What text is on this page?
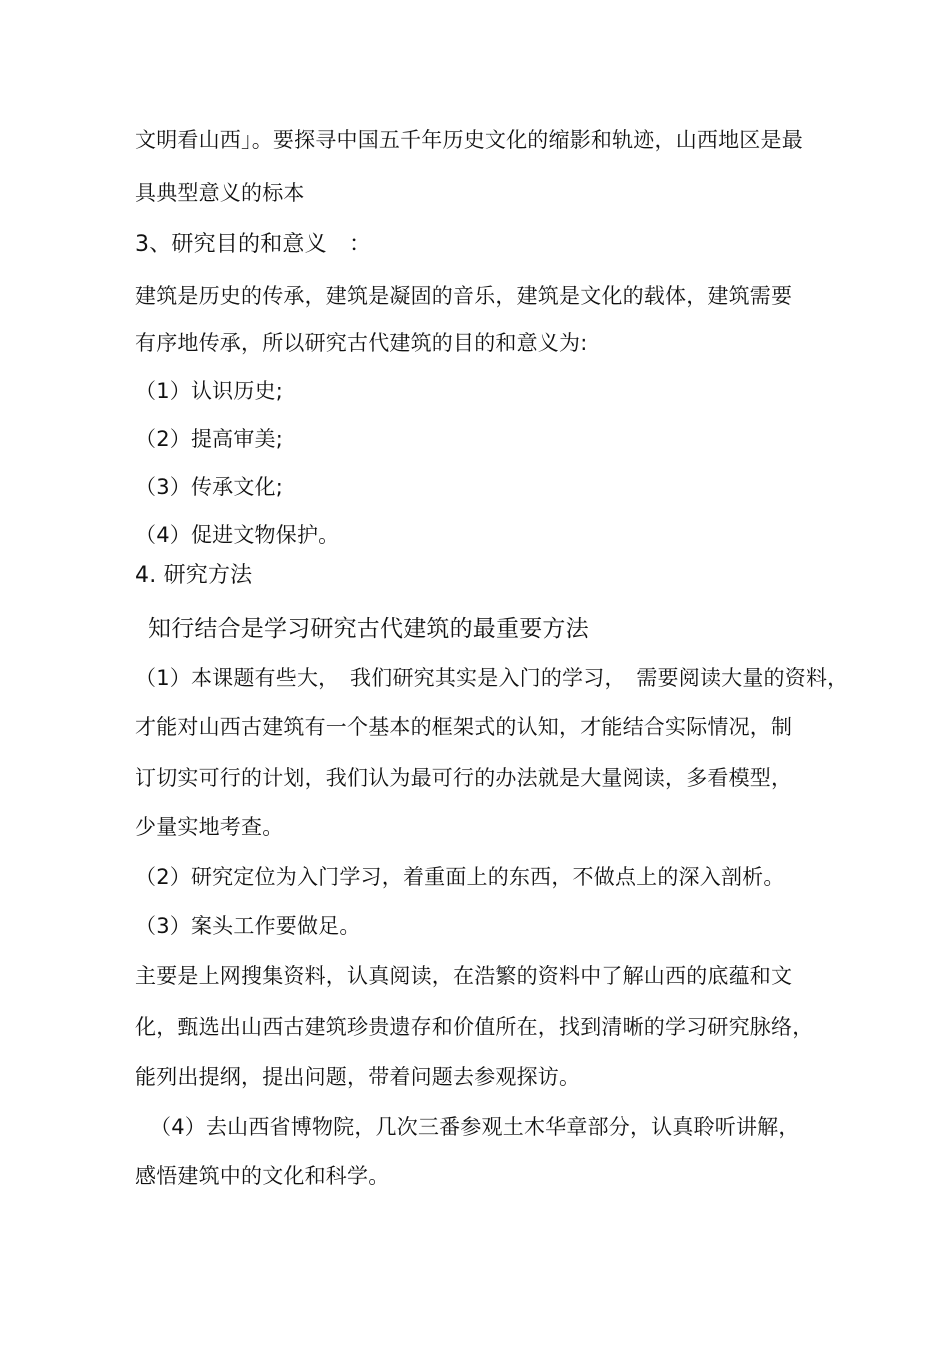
文明看山西」。要探寻中国五千年历史文化的缩影和轨迹，山西地区是最
具典型意义的标本
3、研究目的和意义　：
建筑是历史的传承，建筑是凝固的音乐，建筑是文化的载体，建筑需要
有序地传承，所以研究古代建筑的目的和意义为:
（1）认识历史;
（2）提高审美;
（3）传承文化;
（4）促进文物保护。
4. 研究方法
知行结合是学习研究古代建筑的最重要方法
（1）本课题有些大，　我们研究其实是入门的学习，　需要阅读大量的资料，
才能对山西古建筑有一个基本的框架式的认知，才能结合实际情况，制
订切实可行的计划，我们认为最可行的办法就是大量阅读，多看模型，
少量实地考查。
（2）研究定位为入门学习，着重面上的东西，不做点上的深入剖析。
（3）案头工作要做足。
主要是上网搜集资料，认真阅读，在浩繁的资料中了解山西的底蕴和文
化，甄选出山西古建筑珍贵遗存和价值所在，找到清晰的学习研究脉络，
能列出提纲，提出问题，带着问题去参观探访。
（4）去山西省博物院，几次三番参观土木华章部分，认真聆听讲解，
感悟建筑中的文化和科学。
